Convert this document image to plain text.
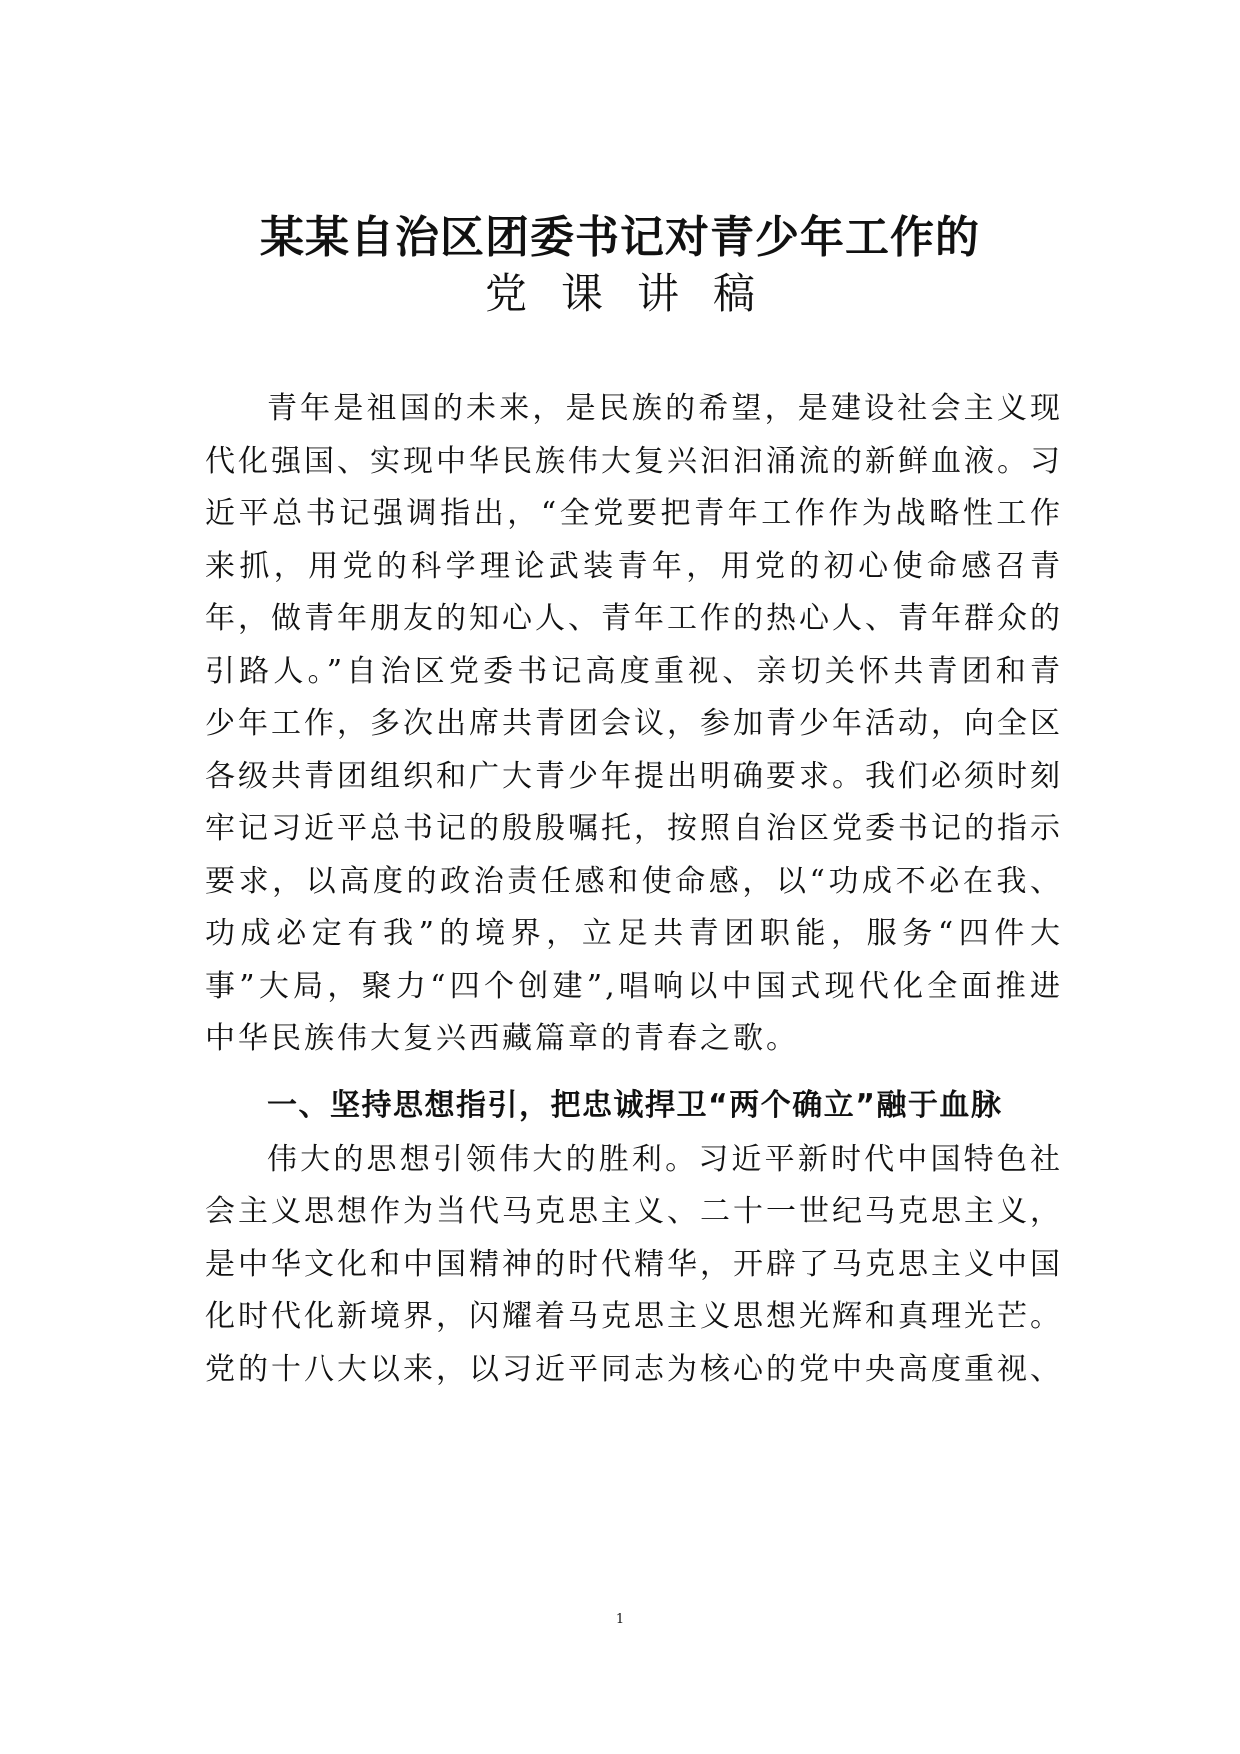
某某自治区团委书记对青少年工作的
党课讲稿

青年是祖国的未来，是民族的希望，是建设社会主义现代化强国、实现中华民族伟大复兴汩汩涌流的新鲜血液。习近平总书记强调指出，“全党要把青年工作作为战略性工作来抓，用党的科学理论武装青年，用党的初心使命感召青年，做青年朋友的知心人、青年工作的热心人、青年群众的引路人。”自治区党委书记高度重视、亲切关怀共青团和青少年工作，多次出席共青团会议，参加青少年活动，向全区各级共青团组织和广大青少年提出明确要求。我们必须时刻牢记习近平总书记的殷殷嘱托，按照自治区党委书记的指示要求，以高度的政治责任感和使命感，以“功成不必在我、功成必定有我”的境界，立足共青团职能，服务“四件大事”大局，聚力“四个创建”,唱响以中国式现代化全面推进中华民族伟大复兴西藏篇章的青春之歌。

一、坚持思想指引，把忠诚捍卫“两个确立”融于血脉

伟大的思想引领伟大的胜利。习近平新时代中国特色社会主义思想作为当代马克思主义、二十一世纪马克思主义，是中华文化和中国精神的时代精华，开辟了马克思主义中国化时代化新境界，闪耀着马克思主义思想光辉和真理光芒。党的十八大以来，以习近平同志为核心的党中央高度重视、

1
